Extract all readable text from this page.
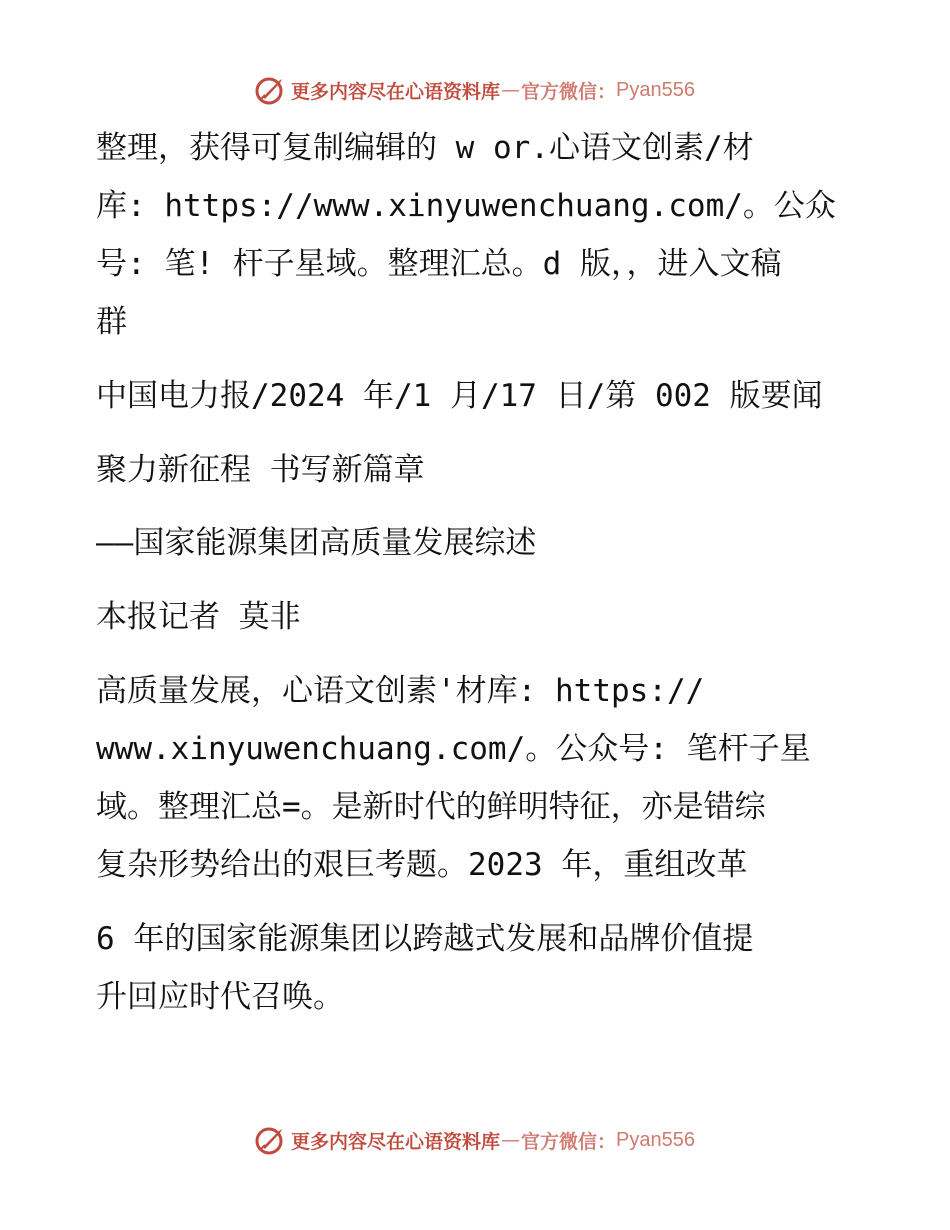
更多内容尽在心语资料库 — 官方微信： Pyan556
整理，获得可复制编辑的 w or.心语文创素/材
库: https://www.xinyuwenchuang.com/。公众
号: 笔! 杆子星域。整理汇总。d 版，，进入文稿
群
中国电力报/2024 年/1 月/17 日/第 002 版要闻
聚力新征程 书写新篇章
——国家能源集团高质量发展综述
本报记者 莫非
高质量发展，心语文创素'材库: https://
www.xinyuwenchuang.com/。公众号: 笔杆子星
域。整理汇总=。是新时代的鲜明特征，亦是错综
复杂形势给出的艰巨考题。2023 年，重组改革
6 年的国家能源集团以跨越式发展和品牌价值提
升回应时代召唤。
更多内容尽在心语资料库 — 官方微信： Pyan556
